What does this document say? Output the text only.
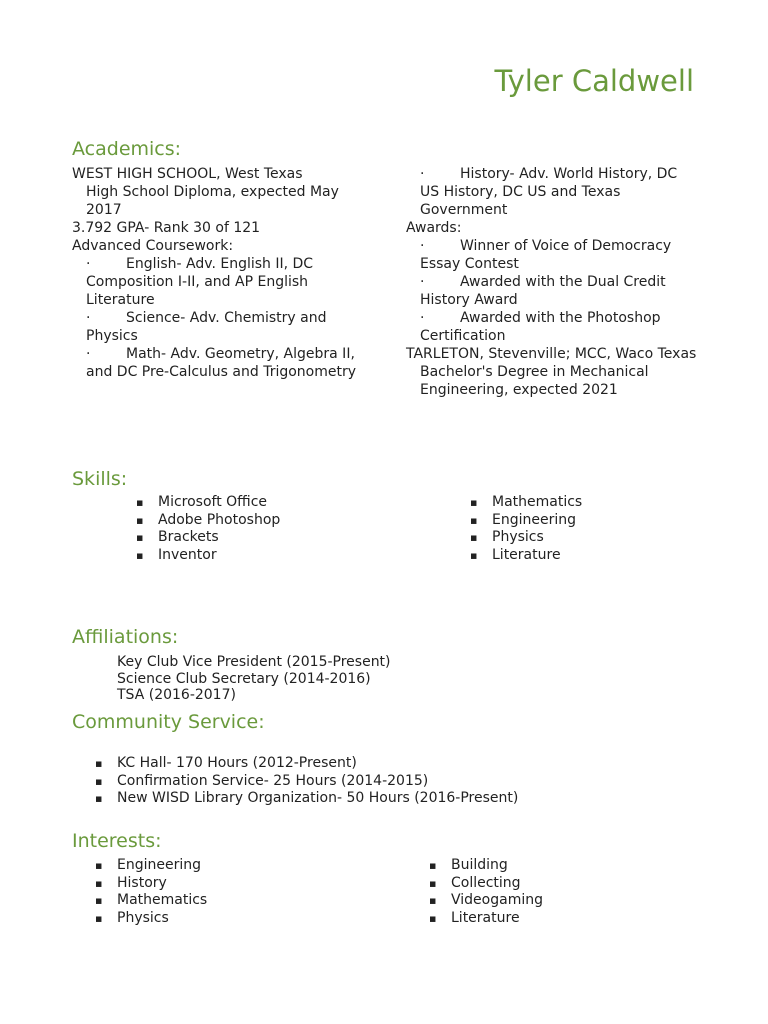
Tyler Caldwell
Academics:
WEST HIGH SCHOOL, West Texas
High School Diploma, expected May
2017
3.792 GPA- Rank 30 of 121
Advanced Coursework:
·	English- Adv. English II, DC
Composition I-II, and AP English
Literature
·	Science- Adv. Chemistry and
Physics
·	Math- Adv. Geometry, Algebra II,
and DC Pre-Calculus and Trigonometry
·	History- Adv. World History, DC
US History, DC US and Texas
Government
Awards:
·	Winner of Voice of Democracy
Essay Contest
·	Awarded with the Dual Credit
History Award
·	Awarded with the Photoshop
Certification
TARLETON, Stevenville; MCC, Waco Texas
Bachelor's Degree in Mechanical
Engineering, expected 2021
Skills:
▪ Microsoft Office
▪ Adobe Photoshop
▪ Brackets
▪ Inventor
▪ Mathematics
▪ Engineering
▪ Physics
▪ Literature
Affiliations:
Key Club Vice President (2015-Present)
Science Club Secretary (2014-2016)
TSA (2016-2017)
Community Service:
▪ KC Hall- 170 Hours (2012-Present)
▪ Confirmation Service- 25 Hours (2014-2015)
▪ New WISD Library Organization- 50 Hours (2016-Present)
Interests:
▪ Engineering
▪ History
▪ Mathematics
▪ Physics
▪ Building
▪ Collecting
▪ Videogaming
▪ Literature
